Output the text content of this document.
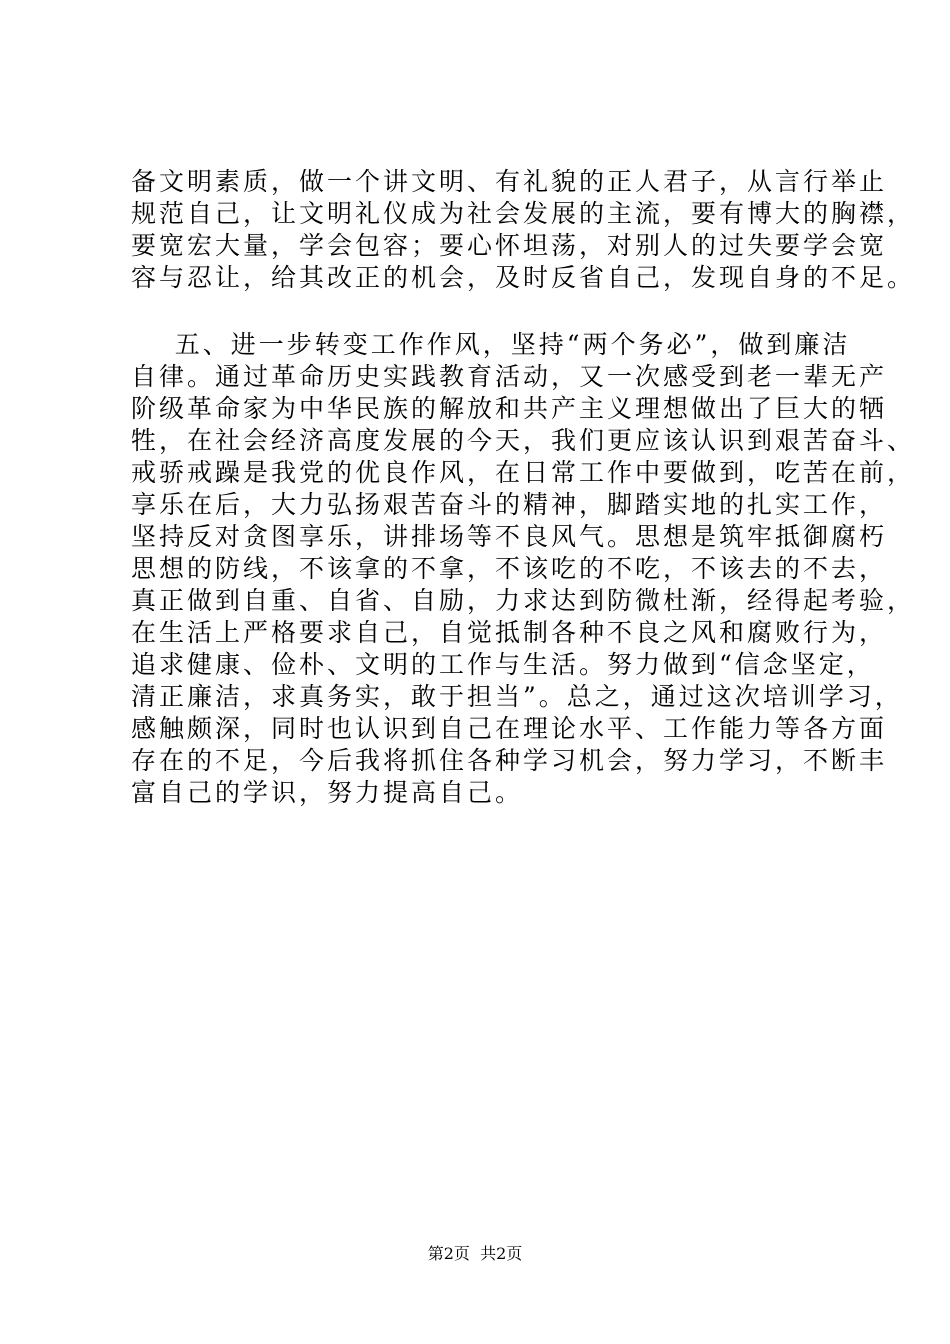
备文明素质，做一个讲文明、有礼貌的正人君子，从言行举止
规范自己，让文明礼仪成为社会发展的主流，要有博大的胸襟，
要宽宏大量，学会包容；要心怀坦荡，对别人的过失要学会宽
容与忍让，给其改正的机会，及时反省自己，发现自身的不足。
五、进一步转变工作作风，坚持“两个务必”，做到廉洁
自律。通过革命历史实践教育活动，又一次感受到老一辈无产
阶级革命家为中华民族的解放和共产主义理想做出了巨大的牺
牲，在社会经济高度发展的今天，我们更应该认识到艰苦奋斗、
戒骄戒躁是我党的优良作风，在日常工作中要做到，吃苦在前，
享乐在后，大力弘扬艰苦奋斗的精神，脚踏实地的扎实工作，
坚持反对贪图享乐，讲排场等不良风气。思想是筑牢抵御腐朽
思想的防线，不该拿的不拿，不该吃的不吃，不该去的不去，
真正做到自重、自省、自励，力求达到防微杜渐，经得起考验，
在生活上严格要求自己，自觉抵制各种不良之风和腐败行为，
追求健康、俭朴、文明的工作与生活。努力做到“信念坚定，
清正廉洁，求真务实，敢于担当”。总之，通过这次培训学习，
感触颇深，同时也认识到自己在理论水平、工作能力等各方面
存在的不足，今后我将抓住各种学习机会，努力学习，不断丰
富自己的学识，努力提高自己。
第2页  共2页
